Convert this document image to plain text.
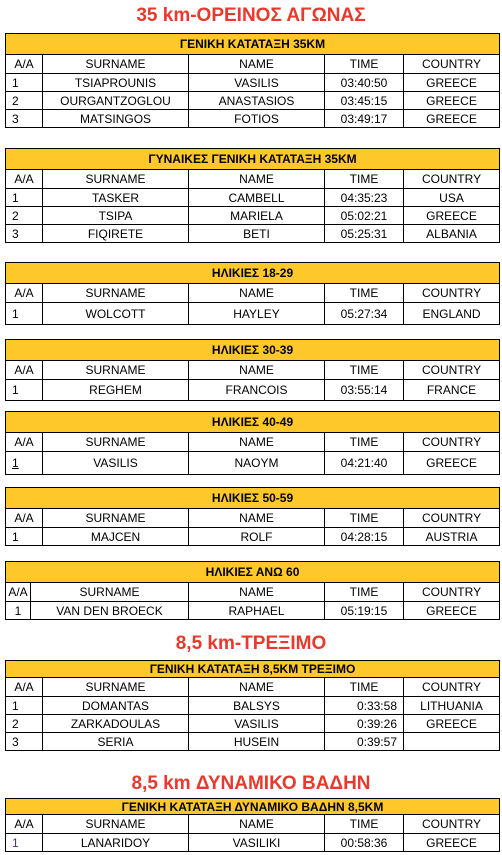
35 km-ΟΡΕΙΝΟΣ ΑΓΩΝΑΣ
ΓΕΝΙΚΗ ΚΑΤΑΤΑΞΗ 35ΚΜ				
A/A	SURNAME	NAME	TIME	COUNTRY
1	TSIAPROUNIS	VASILIS	03:40:50	GREECE
2	OURGANTZOGLOU	ANASTASIOS	03:45:15	GREECE
3	MATSINGOS	FOTIOS	03:49:17	GREECE
ΓΥΝΑΙΚΕΣ ΓΕΝΙΚΗ ΚΑΤΑΤΑΞΗ 35ΚΜ				
A/A	SURNAME	NAME	TIME	COUNTRY
1	TASKER	CAMBELL	04:35:23	USA
2	TSIPA	MARIELA	05:02:21	GREECE
3	FIQIRETE	BETI	05:25:31	ALBANIA
ΗΛΙΚΙΕΣ 18-29				
A/A	SURNAME	NAME	TIME	COUNTRY
1	WOLCOTT	HAYLEY	05:27:34	ENGLAND
ΗΛΙΚΙΕΣ 30-39				
A/A	SURNAME	NAME	TIME	COUNTRY
1	REGHEM	FRANCOIS	03:55:14	FRANCE
ΗΛΙΚΙΕΣ 40-49				
A/A	SURNAME	NAME	TIME	COUNTRY
1	VASILIS	NAOYM	04:21:40	GREECE
ΗΛΙΚΙΕΣ 50-59				
A/A	SURNAME	NAME	TIME	COUNTRY
1	MAJCEN	ROLF	04:28:15	AUSTRIA
ΗΛΙΚΙΕΣ ΑΝΩ 60				
A/A	SURNAME	NAME	TIME	COUNTRY
1	VAN DEN BROECK	RAPHAEL	05:19:15	GREECE
8,5 km-ΤΡΕΞΙΜΟ
ΓΕΝΙΚΗ ΚΑΤΑΤΑΞΗ 8,5ΚΜ ΤΡΕΞΙΜΟ				
A/A	SURNAME	NAME	TIME	COUNTRY
1	DOMANTAS	BALSYS	0:33:58	LITHUANIA
2	ZARKADOULAS	VASILIS	0:39:26	GREECE
3	SERIA	HUSEIN	0:39:57	
8,5 km ΔΥΝΑΜΙΚΟ ΒΑΔΗΝ
ΓΕΝΙΚΗ ΚΑΤΑΤΑΞΗ ΔΥΝΑΜΙΚΟ ΒΑΔΗΝ 8,5ΚΜ				
A/A	SURNAME	NAME	TIME	COUNTRY
1	LANARIDOY	VASILIKI	00:58:36	GREECE
